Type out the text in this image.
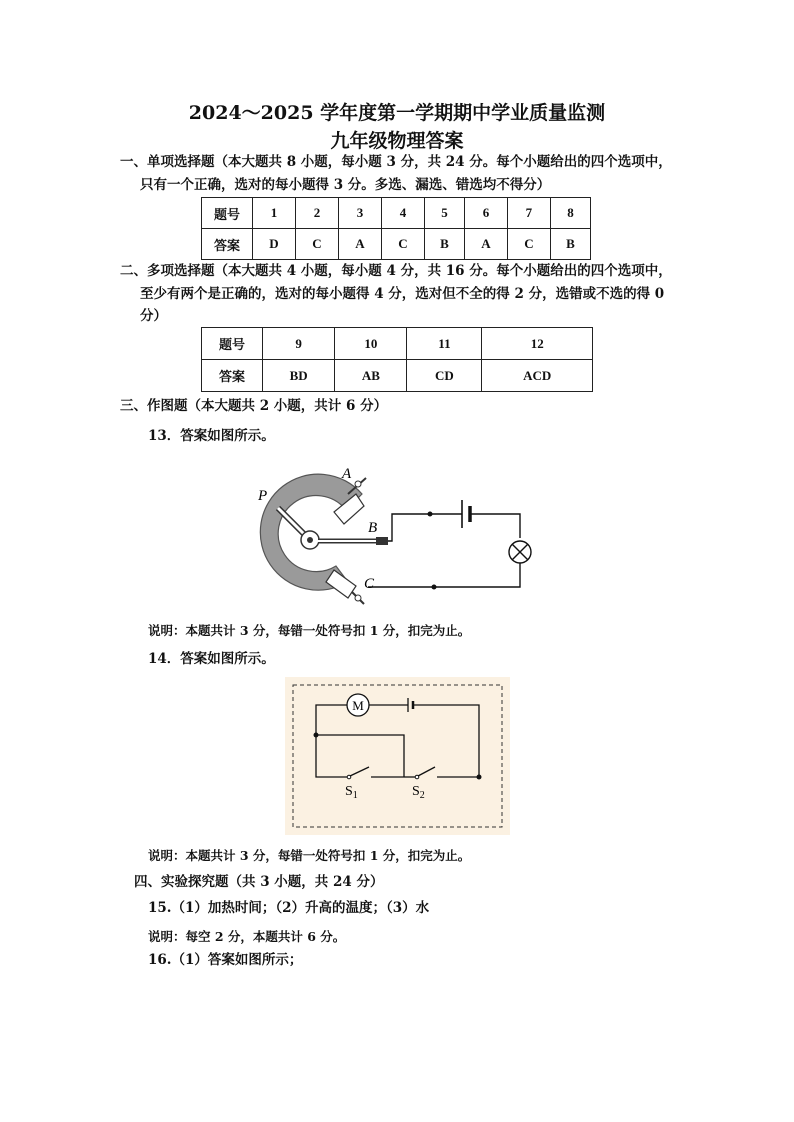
2024～2025 学年度第一学期期中学业质量监测
九年级物理答案
一、单项选择题（本大题共 8 小题，每小题 3 分，共 24 分。每个小题给出的四个选项中，
只有一个正确，选对的每小题得 3 分。多选、漏选、错选均不得分）
题号	1	2	3	4	5	6	7	8
答案	D	C	A	C	B	A	C	B
二、多项选择题（本大题共 4 小题，每小题 4 分，共 16 分。每个小题给出的四个选项中，
至少有两个是正确的，选对的每小题得 4 分，选对但不全的得 2 分，选错或不选的得 0
分）
题号	9	10	11	12
答案	BD	AB	CD	ACD
三、作图题（本大题共 2 小题，共计 6 分）
13．答案如图所示。
P
A
B
C
说明：本题共计 3 分，每错一处符号扣 1 分，扣完为止。
14．答案如图所示。
M
$S_1$	$S_2$
说明：本题共计 3 分，每错一处符号扣 1 分，扣完为止。
四、实验探究题（共 3 小题，共 24 分）
15.（1）加热时间；（2）升高的温度；（3）水
说明：每空 2 分，本题共计 6 分。
16.（1）答案如图所示；
